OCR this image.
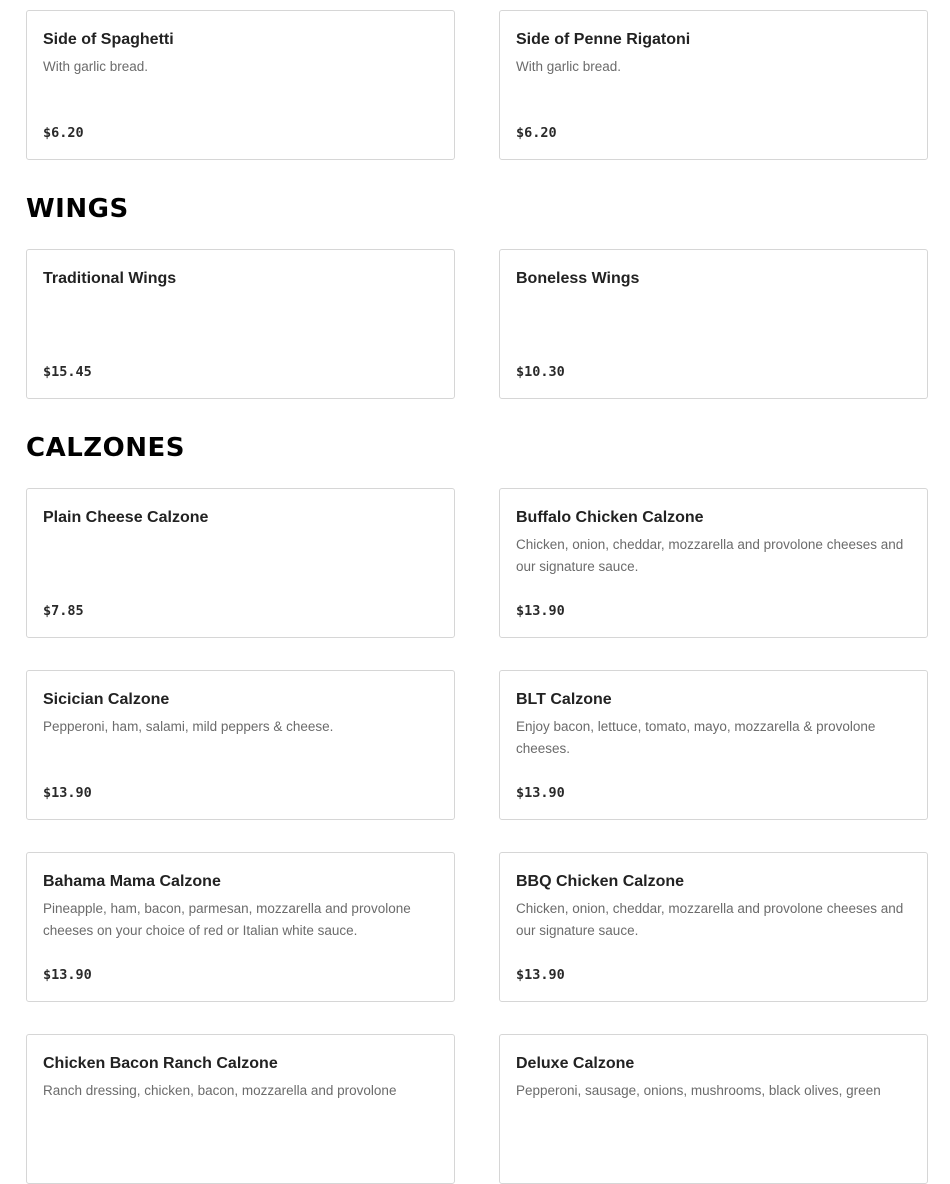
Side of Spaghetti
With garlic bread.
$6.20
Side of Penne Rigatoni
With garlic bread.
$6.20
WINGS
Traditional Wings
$15.45
Boneless Wings
$10.30
CALZONES
Plain Cheese Calzone
$7.85
Buffalo Chicken Calzone
Chicken, onion, cheddar, mozzarella and provolone cheeses and our signature sauce.
$13.90
Sicician Calzone
Pepperoni, ham, salami, mild peppers & cheese.
$13.90
BLT Calzone
Enjoy bacon, lettuce, tomato, mayo, mozzarella & provolone cheeses.
$13.90
Bahama Mama Calzone
Pineapple, ham, bacon, parmesan, mozzarella and provolone cheeses on your choice of red or Italian white sauce.
$13.90
BBQ Chicken Calzone
Chicken, onion, cheddar, mozzarella and provolone cheeses and our signature sauce.
$13.90
Chicken Bacon Ranch Calzone
Ranch dressing, chicken, bacon, mozzarella and provolone
Deluxe Calzone
Pepperoni, sausage, onions, mushrooms, black olives, green
